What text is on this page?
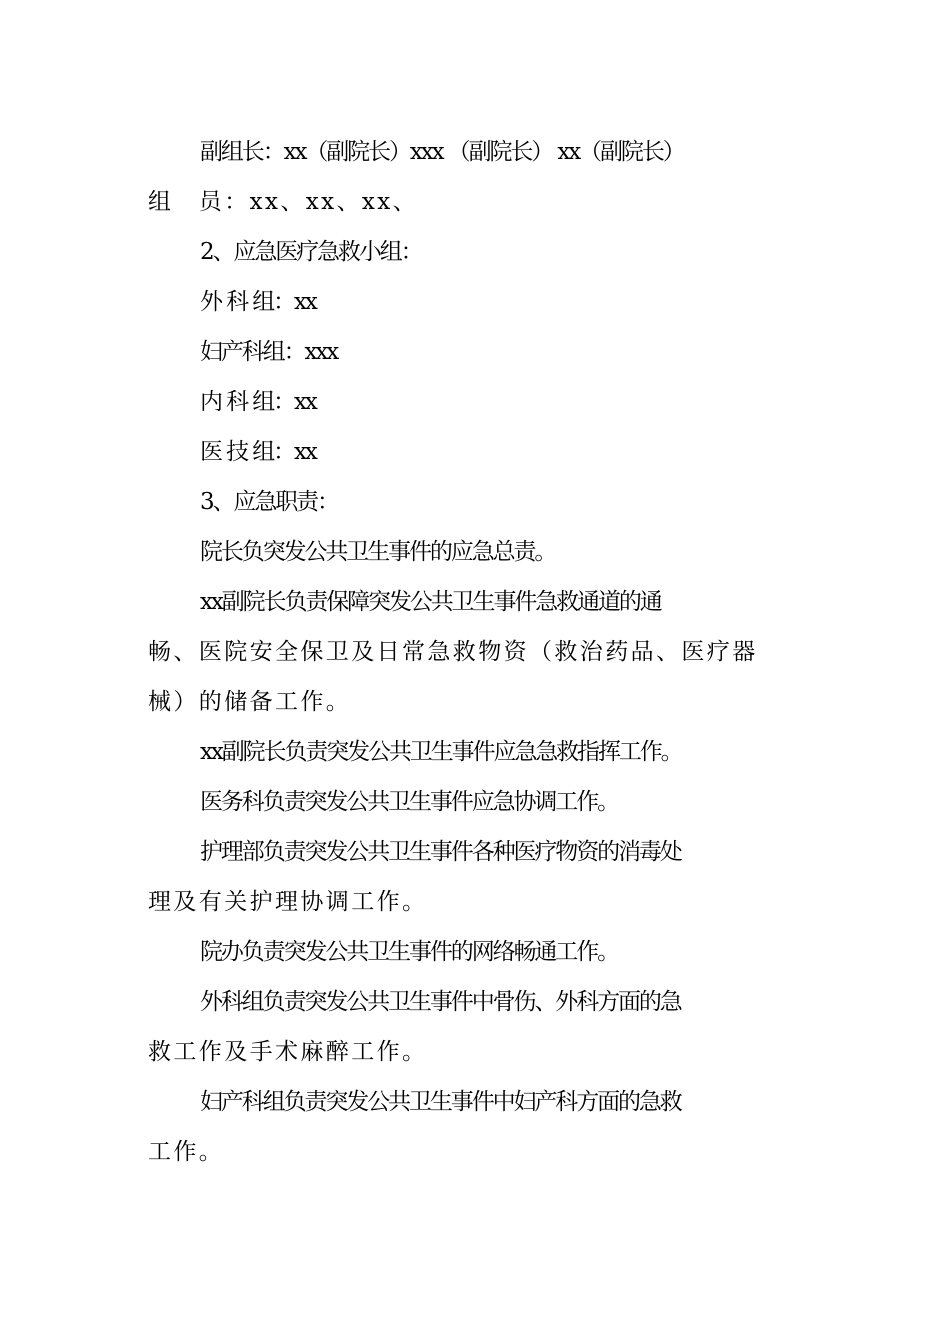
副组长：xx（副院长）xxx （副院长） xx（副院长）
组　员：xx、xx、xx、
2、应急医疗急救小组：
外 科 组：xx
妇产科组：xxx
内 科 组：xx
医 技 组：xx
3、应急职责：
院长负突发公共卫生事件的应急总责。
xx副院长负责保障突发公共卫生事件急救通道的通
畅、医院安全保卫及日常急救物资（救治药品、医疗器
械）的储备工作。
xx副院长负责突发公共卫生事件应急急救指挥工作。
医务科负责突发公共卫生事件应急协调工作。
护理部负责突发公共卫生事件各种医疗物资的消毒处
理及有关护理协调工作。
院办负责突发公共卫生事件的网络畅通工作。
外科组负责突发公共卫生事件中骨伤、外科方面的急
救工作及手术麻醉工作。
妇产科组负责突发公共卫生事件中妇产科方面的急救
工作。
